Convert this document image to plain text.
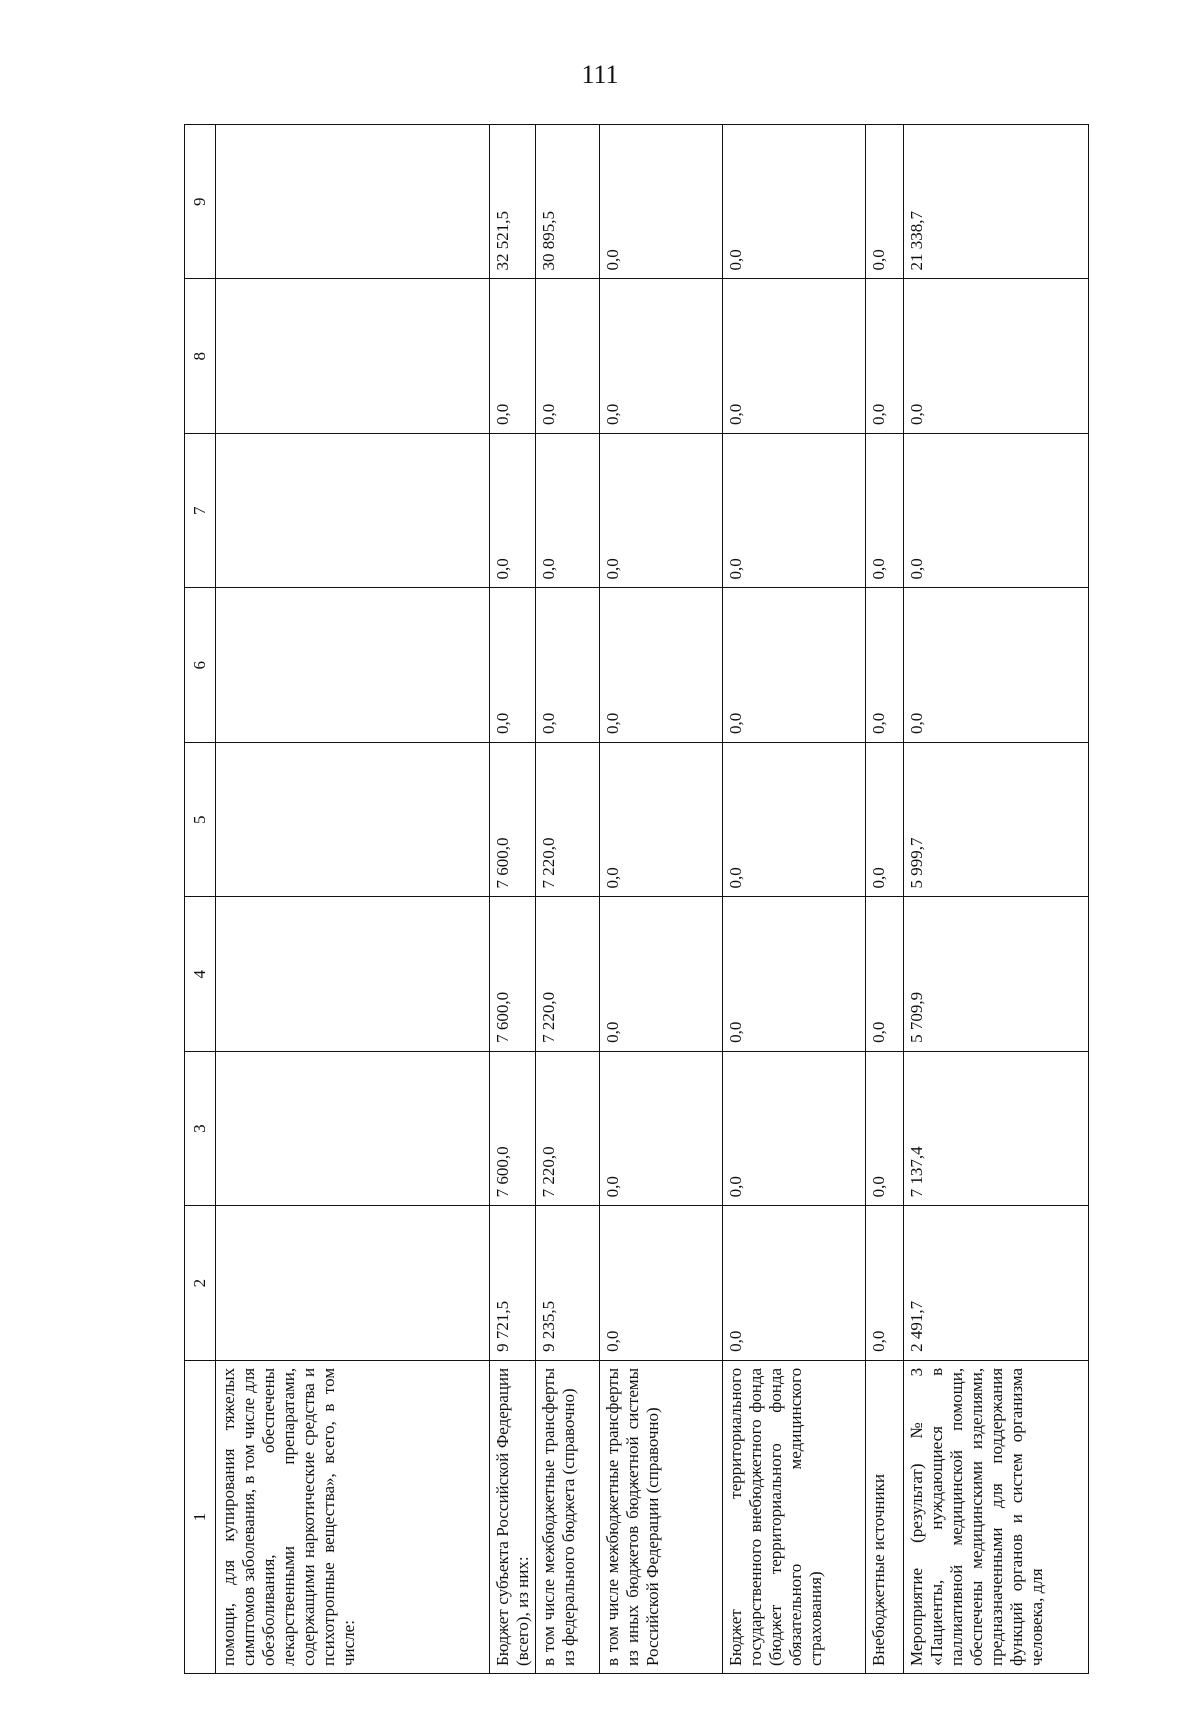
111
1	2	3	4	5	6	7	8	9
помощи, для купирования тяжелых симптомов заболевания, в том числе для обезболивания, обеспечены лекарственными препаратами, содержащими наркотические средства и психотропные вещества», всего, в том числе:								
Бюджет субъекта Российской Федерации (всего), из них:	9 721,5	7 600,0	7 600,0	7 600,0	0,0	0,0	0,0	32 521,5
в том числе межбюджетные трансферты из федерального бюджета (справочно)	9 235,5	7 220,0	7 220,0	7 220,0	0,0	0,0	0,0	30 895,5
в том числе межбюджетные трансферты из иных бюджетов бюджетной системы Российской Федерации (справочно)	0,0	0,0	0,0	0,0	0,0	0,0	0,0	0,0
Бюджет территориального государственного внебюджетного фонда (бюджет территориального фонда обязательного медицинского страхования)	0,0	0,0	0,0	0,0	0,0	0,0	0,0	0,0
Внебюджетные источники	0,0	0,0	0,0	0,0	0,0	0,0	0,0	0,0
Мероприятие (результат) № 3 «Пациенты, нуждающиеся в паллиативной медицинской помощи, обеспечены медицинскими изделиями, предназначенными для поддержания функций органов и систем организма человека, для	2 491,7	7 137,4	5 709,9	5 999,7	0,0	0,0	0,0	21 338,7
